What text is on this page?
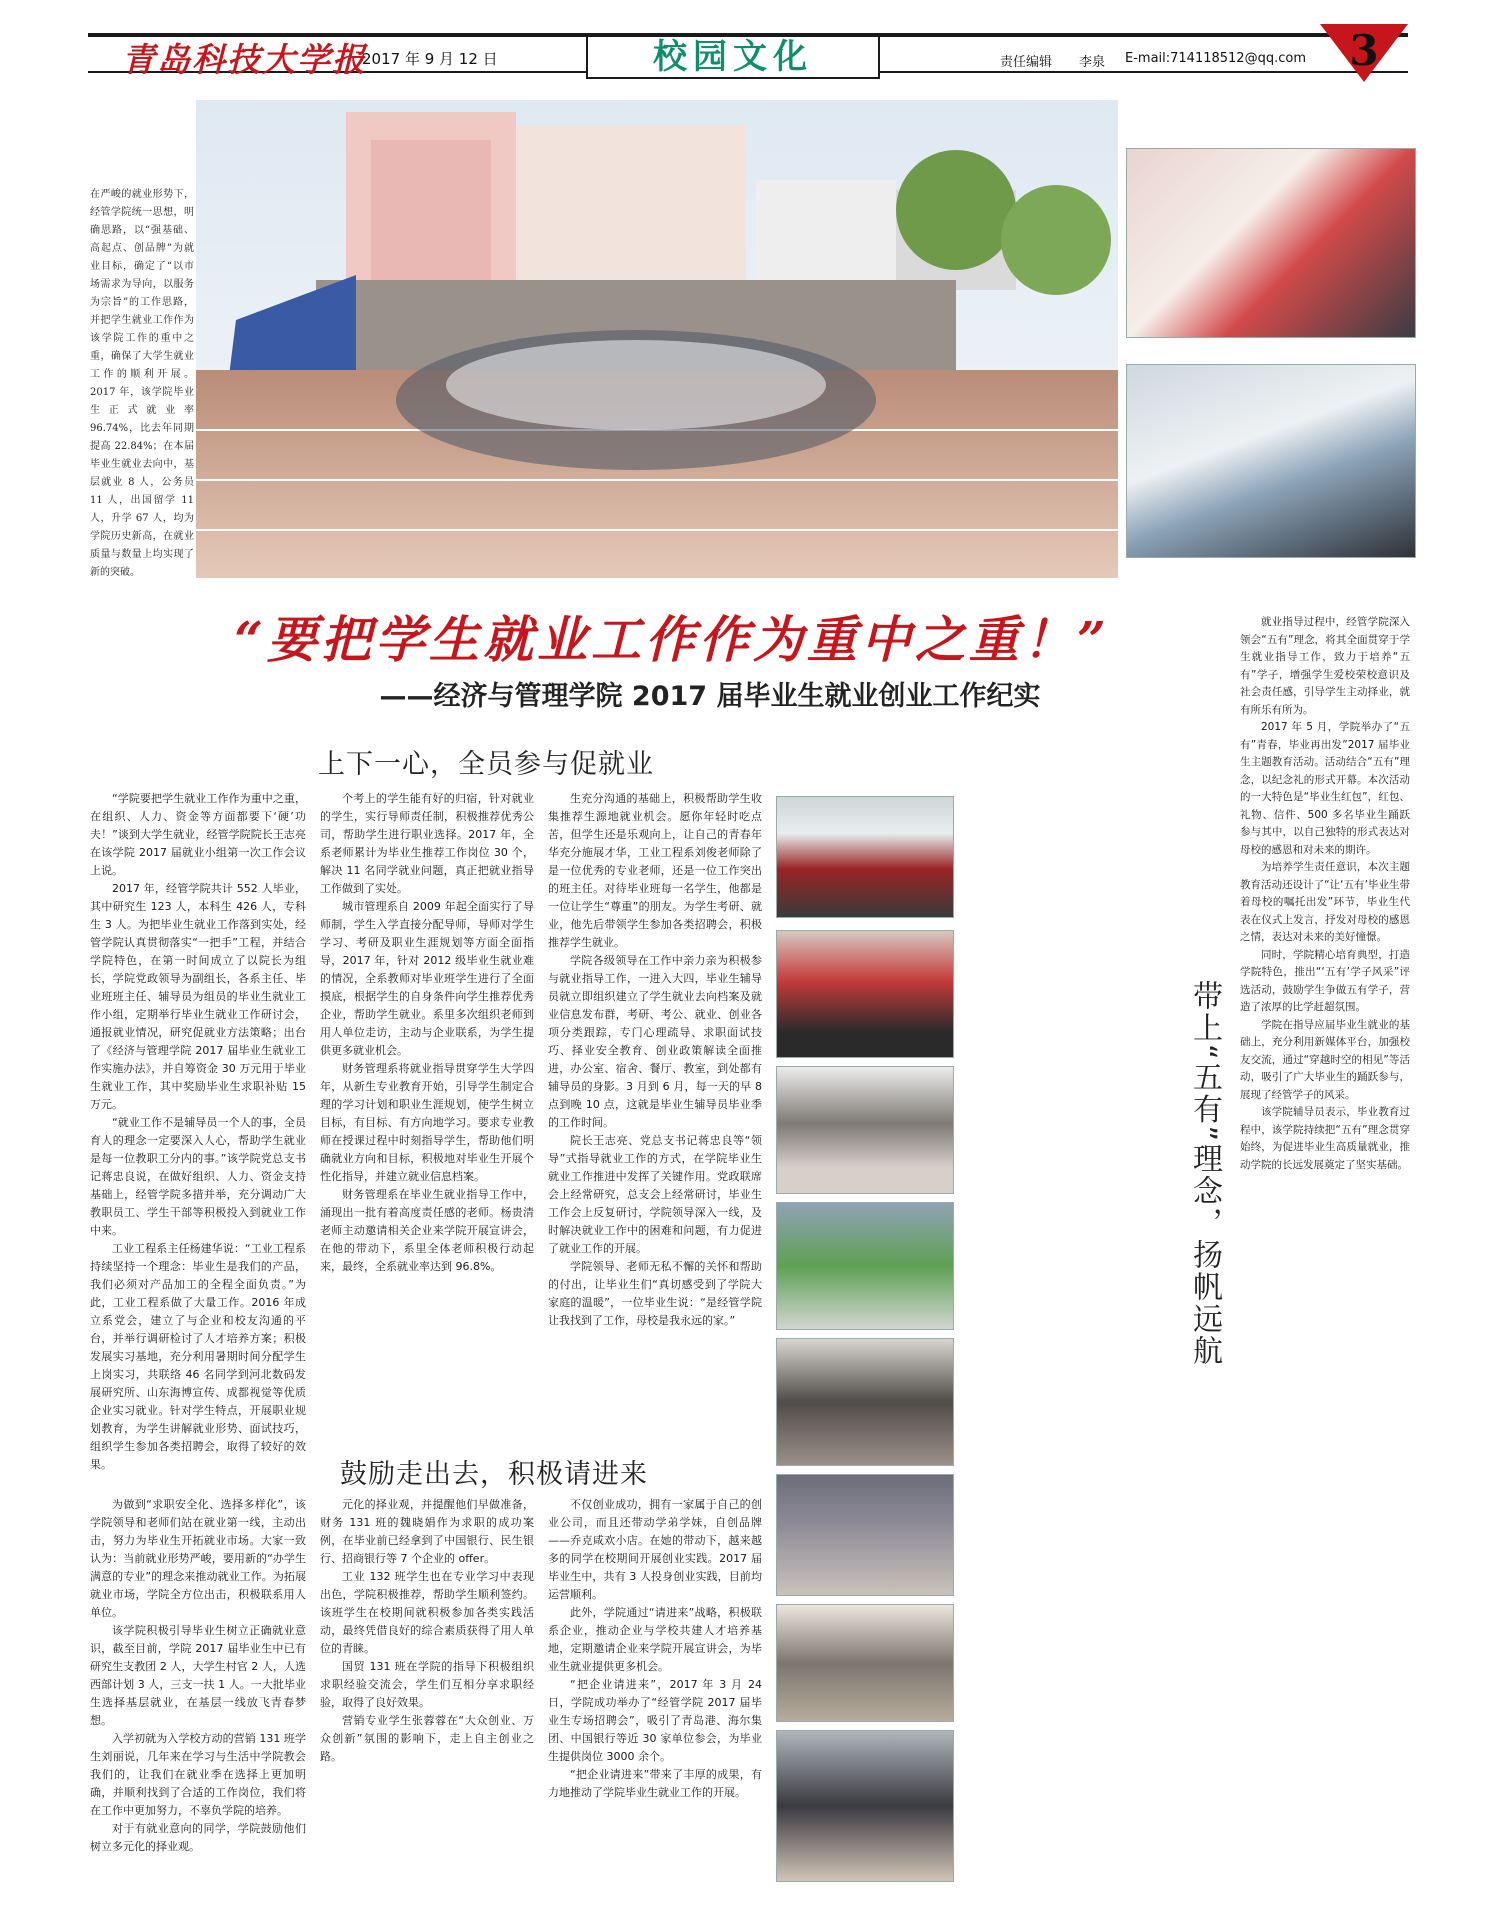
青岛科技大学报
2017 年 9 月 12 日	校园文化	责任编辑 李泉 E-mail:714118512@qq.com 3
在严峻的就业形势下，经管学院统一思想，明确思路，以“强基础、高起点、创品牌”为就业目标，确定了“以市场需求为导向，以服务为宗旨”的工作思路，并把学生就业工作作为该学院工作的重中之重，确保了大学生就业工作的顺利开展。2017 年，该学院毕业生正式就业率 96.74%，比去年同期提高 22.84%；在本届毕业生就业去向中，基层就业 8 人，公务员 11 人，出国留学 11 人，升学 67 人，均为学院历史新高，在就业质量与数量上均实现了新的突破。
“要把学生就业工作作为重中之重！”
——经济与管理学院 2017 届毕业生就业创业工作纪实
上下一心，全员参与促就业

“学院要把学生就业工作作为重中之重，在组织、人力、资金等方面都要下‘硬’功夫！”谈到大学生就业，经管学院院长王志亮在该学院 2017 届就业小组第一次工作会议上说。

2017 年，经管学院共计 552 人毕业，其中研究生 123 人，本科生 426 人，专科生 3 人。为把毕业生就业工作落到实处，经管学院认真贯彻落实“一把手”工程，并结合学院特色，在第一时间成立了以院长为组长，学院党政领导为副组长，各系主任、毕业班班主任、辅导员为组员的毕业生就业工作小组，定期举行毕业生就业工作研讨会，通报就业情况，研究促就业方法策略；出台了《经济与管理学院 2017 届毕业生就业工作实施办法》，并自筹资金 30 万元用于毕业生就业工作，其中奖励毕业生求职补贴 15 万元。

“就业工作不是辅导员一个人的事，全员育人的理念一定要深入人心，帮助学生就业是每一位教职工分内的事。”该学院党总支书记蒋忠良说，在做好组织、人力、资金支持基础上，经管学院多措并举，充分调动广大教职员工、学生干部等积极投入到就业工作中来。

工业工程系主任杨建华说：“工业工程系持续坚持一个理念：毕业生是我们的产品，我们必须对产品加工的全程全面负责。”为此，工业工程系做了大量工作。2016 年成立系党会，建立了与企业和校友沟通的平台，并举行调研检讨了人才培养方案；积极发展实习基地，充分利用暑期时间分配学生上岗实习，共联络 46 名同学到河北数码发展研究所、山东海博宣传、成都视觉等优质企业实习就业。针对学生特点，开展职业规划教育，为学生讲解就业形势、面试技巧，组织学生参加各类招聘会，取得了较好的效果。

个考上的学生能有好的归宿，针对就业的学生，实行导师责任制，积极推荐优秀公司，帮助学生进行职业选择。2017 年，全系老师累计为毕业生推荐工作岗位 30 个，解决 11 名同学就业问题，真正把就业指导工作做到了实处。

城市管理系自 2009 年起全面实行了导师制，学生入学直接分配导师，导师对学生学习、考研及职业生涯规划等方面全面指导，2017 年，针对 2012 级毕业生就业难的情况，全系教师对毕业班学生进行了全面摸底，根据学生的自身条件向学生推荐优秀企业，帮助学生就业。系里多次组织老师到用人单位走访，主动与企业联系，为学生提供更多就业机会。

财务管理系将就业指导贯穿学生大学四年，从新生专业教育开始，引导学生制定合理的学习计划和职业生涯规划，使学生树立目标，有目标、有方向地学习。要求专业教师在授课过程中时刻指导学生，帮助他们明确就业方向和目标，积极地对毕业生开展个性化指导，并建立就业信息档案。

财务管理系在毕业生就业指导工作中，涌现出一批有着高度责任感的老师。杨贵清老师主动邀请相关企业来学院开展宣讲会，在他的带动下，系里全体老师积极行动起来，最终，全系就业率达到 96.8%。

生充分沟通的基础上，积极帮助学生收集推荐生源地就业机会。愿你年轻时吃点苦，但学生还是乐观向上，让自己的青春年华充分施展才华，工业工程系刘俊老师除了是一位优秀的专业老师，还是一位工作突出的班主任。对待毕业班每一名学生，他都是一位让学生“尊重”的朋友。为学生考研、就业，他先后带领学生参加各类招聘会，积极推荐学生就业。

学院各级领导在工作中亲力亲为积极参与就业指导工作，一进入大四，毕业生辅导员就立即组织建立了学生就业去向档案及就业信息发布群，考研、考公、就业、创业各项分类跟踪，专门心理疏导、求职面试技巧、择业安全教育、创业政策解读全面推进，办公室、宿舍、餐厅、教室，到处都有辅导员的身影。3 月到 6 月，每一天的早 8 点到晚 10 点，这就是毕业生辅导员毕业季的工作时间。

院长王志亮、党总支书记蒋忠良等“领导”式指导就业工作的方式，在学院毕业生就业工作推进中发挥了关键作用。党政联席会上经常研究，总支会上经常研讨，毕业生工作会上反复研讨，学院领导深入一线，及时解决就业工作中的困难和问题，有力促进了就业工作的开展。

学院领导、老师无私不懈的关怀和帮助的付出，让毕业生们“真切感受到了学院大家庭的温暖”，一位毕业生说：“是经管学院让我找到了工作，母校是我永远的家。”

鼓励走出去，积极请进来

为做到“求职安全化、选择多样化”，该学院领导和老师们站在就业第一线，主动出击，努力为毕业生开拓就业市场。大家一致认为：当前就业形势严峻，要用新的“办学生满意的专业”的理念来推动就业工作。为拓展就业市场，学院全方位出击，积极联系用人单位。

该学院积极引导毕业生树立正确就业意识，截至目前，学院 2017 届毕业生中已有研究生支教团 2 人，大学生村官 2 人，人选西部计划 3 人，三支一扶 1 人。一大批毕业生选择基层就业，在基层一线放飞青春梦想。

入学初就为入学校方动的营销 131 班学生刘丽说，几年来在学习与生活中学院教会我们的，让我们在就业季在选择上更加明确，并顺利找到了合适的工作岗位，我们将在工作中更加努力，不辜负学院的培养。

对于有就业意向的同学，学院鼓励他们树立多元化的择业观。

元化的择业观，并提醒他们早做准备，财务 131 班的魏晓娟作为求职的成功案例，在毕业前已经拿到了中国银行、民生银行、招商银行等 7 个企业的 offer。

工业 132 班学生也在专业学习中表现出色，学院积极推荐，帮助学生顺利签约。该班学生在校期间就积极参加各类实践活动，最终凭借良好的综合素质获得了用人单位的青睐。

国贸 131 班在学院的指导下积极组织求职经验交流会，学生们互相分享求职经验，取得了良好效果。

营销专业学生张蓉蓉在“大众创业、万众创新”氛围的影响下，走上自主创业之路。

不仅创业成功，拥有一家属于自己的创业公司，而且还带动学弟学妹，自创品牌——乔克咸欢小店。在她的带动下，越来越多的同学在校期间开展创业实践。2017 届毕业生中，共有 3 人投身创业实践，目前均运营顺利。

此外，学院通过“请进来”战略，积极联系企业，推动企业与学校共建人才培养基地，定期邀请企业来学院开展宣讲会，为毕业生就业提供更多机会。

“把企业请进来”，2017 年 3 月 24 日，学院成功举办了“经管学院 2017 届毕业生专场招聘会”，吸引了青岛港、海尔集团、中国银行等近 30 家单位参会，为毕业生提供岗位 3000 余个。

“把企业请进来”带来了丰厚的成果，有力地推动了学院毕业生就业工作的开展。

带上“五有”理念，扬帆远航

就业指导过程中，经管学院深入领会“五有”理念，将其全面贯穿于学生就业指导工作，致力于培养“五有”学子，增强学生爱校荣校意识及社会责任感，引导学生主动择业，就有所乐有所为。

2017 年 5 月，学院举办了“五有”青春，毕业再出发”2017 届毕业生主题教育活动。活动结合“五有”理念，以纪念礼的形式开幕。本次活动的一大特色是“毕业生红包”，红包、礼物、信件、500 多名毕业生踊跃参与其中，以自己独特的形式表达对母校的感恩和对未来的期许。

为培养学生责任意识，本次主题教育活动还设计了“让‘五有’毕业生带着母校的嘱托出发”环节，毕业生代表在仪式上发言，抒发对母校的感恩之情，表达对未来的美好憧憬。

同时，学院精心培育典型，打造学院特色，推出“‘五有’学子风采”评选活动，鼓励学生争做五有学子，营造了浓厚的比学赶超氛围。

学院在指导应届毕业生就业的基础上，充分利用新媒体平台，加强校友交流，通过“穿越时空的相见”等活动，吸引了广大毕业生的踊跃参与，展现了经管学子的风采。

该学院辅导员表示，毕业教育过程中，该学院持续把“五有”理念贯穿始终，为促进毕业生高质量就业，推动学院的长远发展奠定了坚实基础。
